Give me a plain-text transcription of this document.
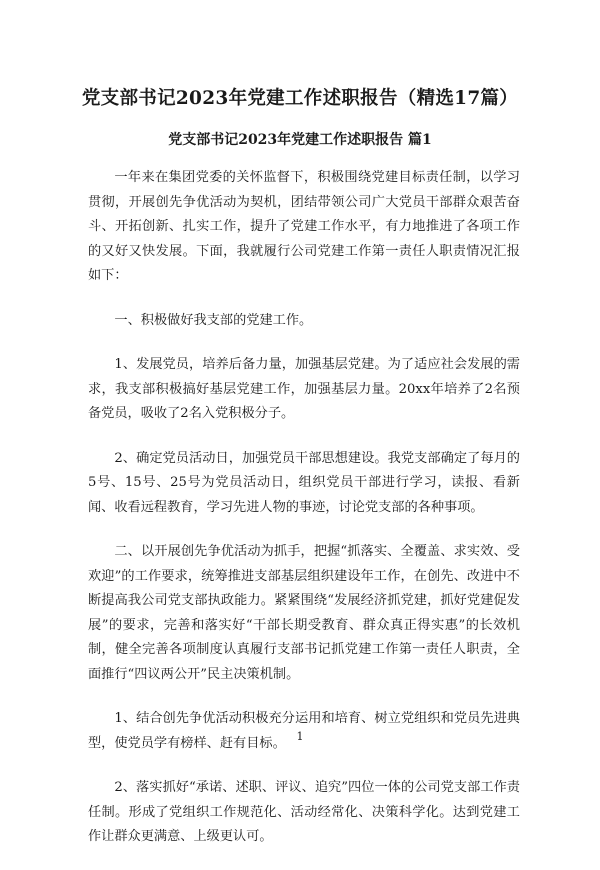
党支部书记2023年党建工作述职报告（精选17篇）
党支部书记2023年党建工作述职报告 篇1

一年来在集团党委的关怀监督下，积极围绕党建目标责任制，以学习贯彻，开展创先争优活动为契机，团结带领公司广大党员干部群众艰苦奋斗、开拓创新、扎实工作，提升了党建工作水平，有力地推进了各项工作的又好又快发展。下面，我就履行公司党建工作第一责任人职责情况汇报如下：

一、积极做好我支部的党建工作。

1、发展党员，培养后备力量，加强基层党建。为了适应社会发展的需求，我支部积极搞好基层党建工作，加强基层力量。20xx年培养了2名预备党员，吸收了2名入党积极分子。

2、确定党员活动日，加强党员干部思想建设。我党支部确定了每月的5号、15号、25号为党员活动日，组织党员干部进行学习，读报、看新闻、收看远程教育，学习先进人物的事迹，讨论党支部的各种事项。

二、以开展创先争优活动为抓手，把握“抓落实、全覆盖、求实效、受欢迎”的工作要求，统筹推进支部基层组织建设年工作，在创先、改进中不断提高我公司党支部执政能力。紧紧围绕“发展经济抓党建，抓好党建促发展”的要求，完善和落实好“干部长期受教育、群众真正得实惠”的长效机制，健全完善各项制度认真履行支部书记抓党建工作第一责任人职责，全面推行“四议两公开”民主决策机制。

1、结合创先争优活动积极充分运用和培育、树立党组织和党员先进典型，使党员学有榜样、赶有目标。

2、落实抓好“承诺、述职、评议、追究”四位一体的公司党支部工作责任制。形成了党组织工作规范化、活动经常化、决策科学化。达到党建工作让群众更满意、上级更认可。

1
